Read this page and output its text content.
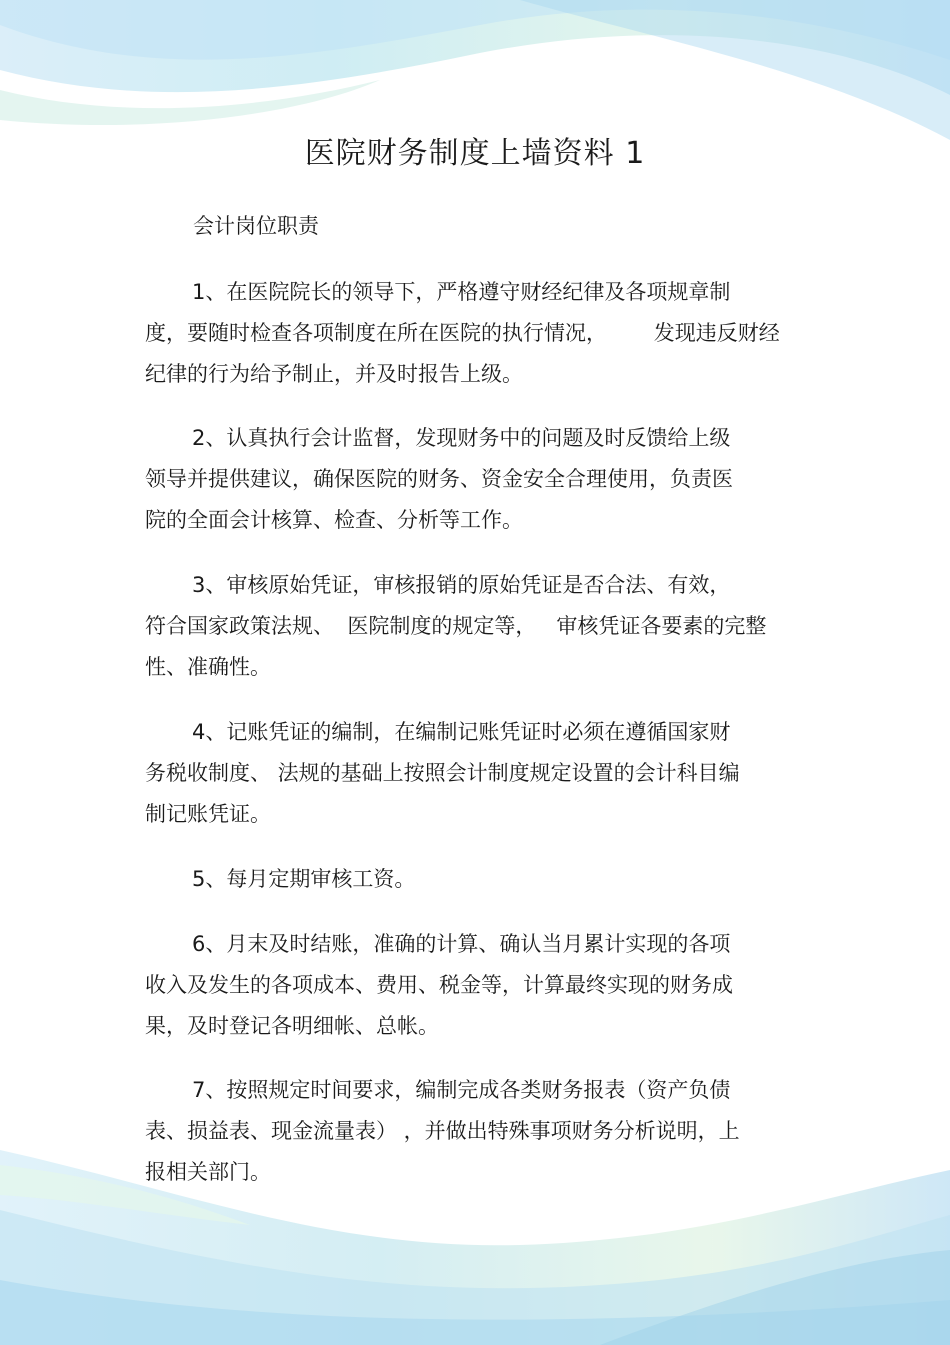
医院财务制度上墙资料 1
会计岗位职责
1、在医院院长的领导下，严格遵守财经纪律及各项规章制
度，要随时检查各项制度在所在医院的执行情况，       发现违反财经
纪律的行为给予制止，并及时报告上级。
2、认真执行会计监督，发现财务中的问题及时反馈给上级
领导并提供建议，确保医院的财务、资金安全合理使用，负责医
院的全面会计核算、检查、分析等工作。
3、审核原始凭证，审核报销的原始凭证是否合法、有效，
符合国家政策法规、  医院制度的规定等，   审核凭证各要素的完整
性、准确性。
4、记账凭证的编制，在编制记账凭证时必须在遵循国家财
务税收制度、 法规的基础上按照会计制度规定设置的会计科目编
制记账凭证。
5、每月定期审核工资。
6、月末及时结账，准确的计算、确认当月累计实现的各项
收入及发生的各项成本、费用、税金等，计算最终实现的财务成
果，及时登记各明细帐、总帐。
7、按照规定时间要求，编制完成各类财务报表（资产负债
表、损益表、现金流量表） ，并做出特殊事项财务分析说明，上
报相关部门。
